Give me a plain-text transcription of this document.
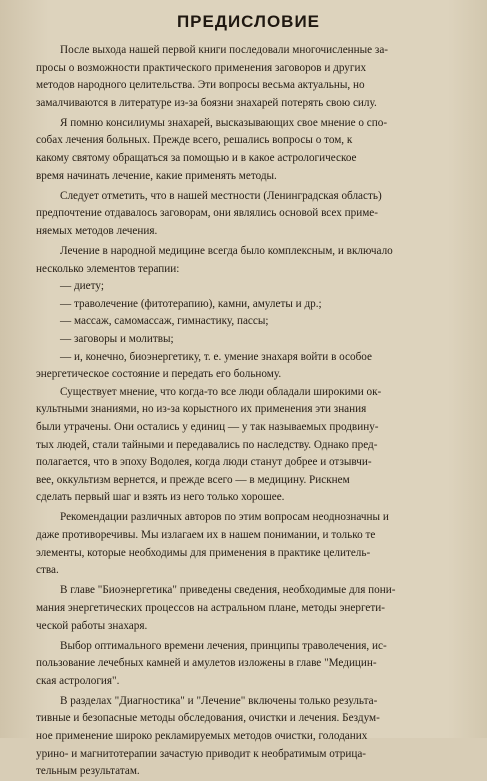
ПРЕДИСЛОВИЕ

После выхода нашей первой книги последовали многочисленные за-
просы о возможности практического применения заговоров и других
методов народного целительства. Эти вопросы весьма актуальны, но
замалчиваются в литературе из-за боязни знахарей потерять свою силу.

Я помню консилиумы знахарей, высказывающих свое мнение о спо-
собах лечения больных. Прежде всего, решались вопросы о том, к
какому святому обращаться за помощью и в какое астрологическое
время начинать лечение, какие применять методы.

Следует отметить, что в нашей местности (Ленинградская область)
предпочтение отдавалось заговорам, они являлись основой всех приме-
няемых методов лечения.

Лечение в народной медицине всегда было комплексным, и включало
несколько элементов терапии:

— диету;

— траволечение (фитотерапию), камни, амулеты и др.;

— массаж, самомассаж, гимнастику, пассы;

— заговоры и молитвы;

— и, конечно, биоэнергетику, т. е. умение знахаря войти в особое
энергетическое состояние и передать его больному.

Существует мнение, что когда-то все люди обладали широкими ок-
культными знаниями, но из-за корыстного их применения эти знания
были утрачены. Они остались у единиц — у так называемых продвину-
тых людей, стали тайными и передавались по наследству. Однако пред-
полагается, что в эпоху Водолея, когда люди станут добрее и отзывчи-
вее, оккультизм вернется, и прежде всего — в медицину. Рискнем
сделать первый шаг и взять из него только хорошее.

Рекомендации различных авторов по этим вопросам неоднозначны и
даже противоречивы. Мы излагаем их в нашем понимании, и только те
элементы, которые необходимы для применения в практике целитель-
ства.

В главе "Биоэнергетика" приведены сведения, необходимые для пони-
мания энергетических процессов на астральном плане, методы энергети-
ческой работы знахаря.

Выбор оптимального времени лечения, принципы траволечения, ис-
пользование лечебных камней и амулетов изложены в главе "Медицин-
ская астрология".

В разделах "Диагностика" и "Лечение" включены только результа-
тивные и безопасные методы обследования, очистки и лечения. Бездум-
ное применение широко рекламируемых методов очистки, голоданих
урино- и магнитотерапии зачастую приводит к необратимым отрица-
тельным результатам.
